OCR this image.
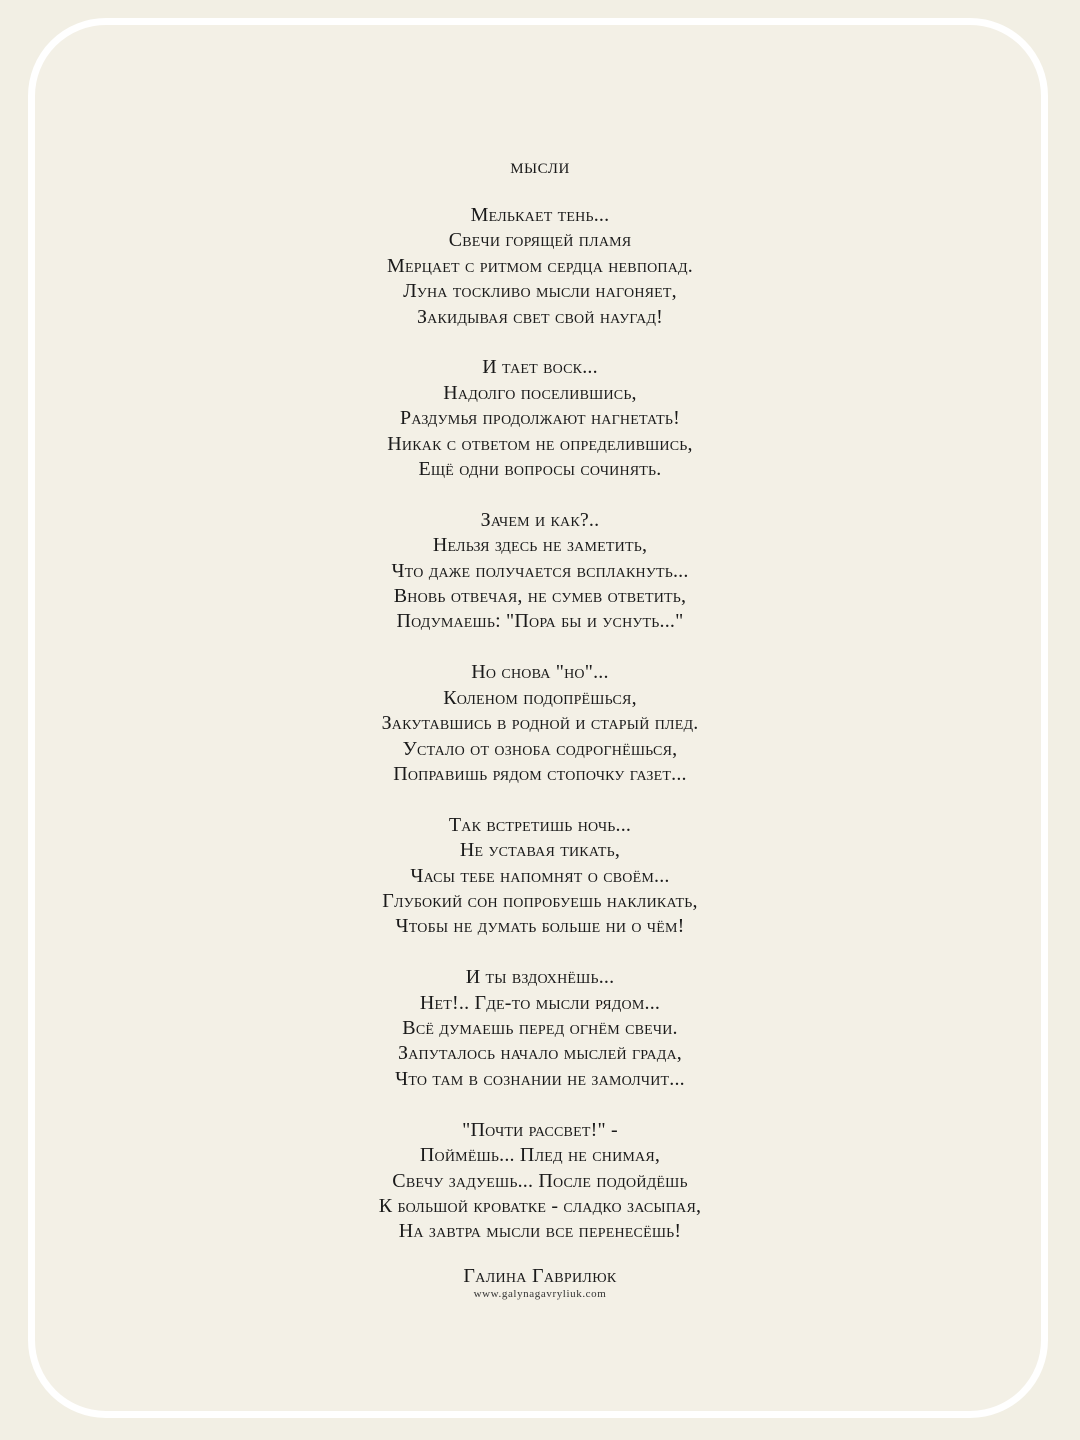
мысли
Мелькает тень...
Свечи горящей пламя
Мерцает с ритмом сердца невпопад.
Луна тоскливо мысли нагоняет,
Закидывая свет свой наугад!
И тает воск...
Надолго поселившись,
Раздумья продолжают нагнетать!
Никак с ответом не определившись,
Ещё одни вопросы сочинять.
Зачем и как?..
Нельзя здесь не заметить,
Что даже получается всплакнуть...
Вновь отвечая, не сумев ответить,
Подумаешь: "Пора бы и уснуть..."
Но снова "но"...
Коленом подопрёшься,
Закутавшись в родной и старый плед.
Устало от озноба содрогнёшься,
Поправишь рядом стопочку газет...
Так встретишь ночь...
Не уставая тикать,
Часы тебе напомнят о своём...
Глубокий сон попробуешь накликать,
Чтобы не думать больше ни о чём!
И ты вздохнёшь...
Нет!.. Где-то мысли рядом...
Всё думаешь перед огнём свечи.
Запуталось начало мыслей града,
Что там в сознании не замолчит...
"Почти рассвет!" -
Поймёшь... Плед не снимая,
Свечу задуешь... После подойдёшь
К большой кроватке - сладко засыпая,
На завтра мысли все перенесёшь!
Галина Гаврилюк
www.galynagavryliuk.com
